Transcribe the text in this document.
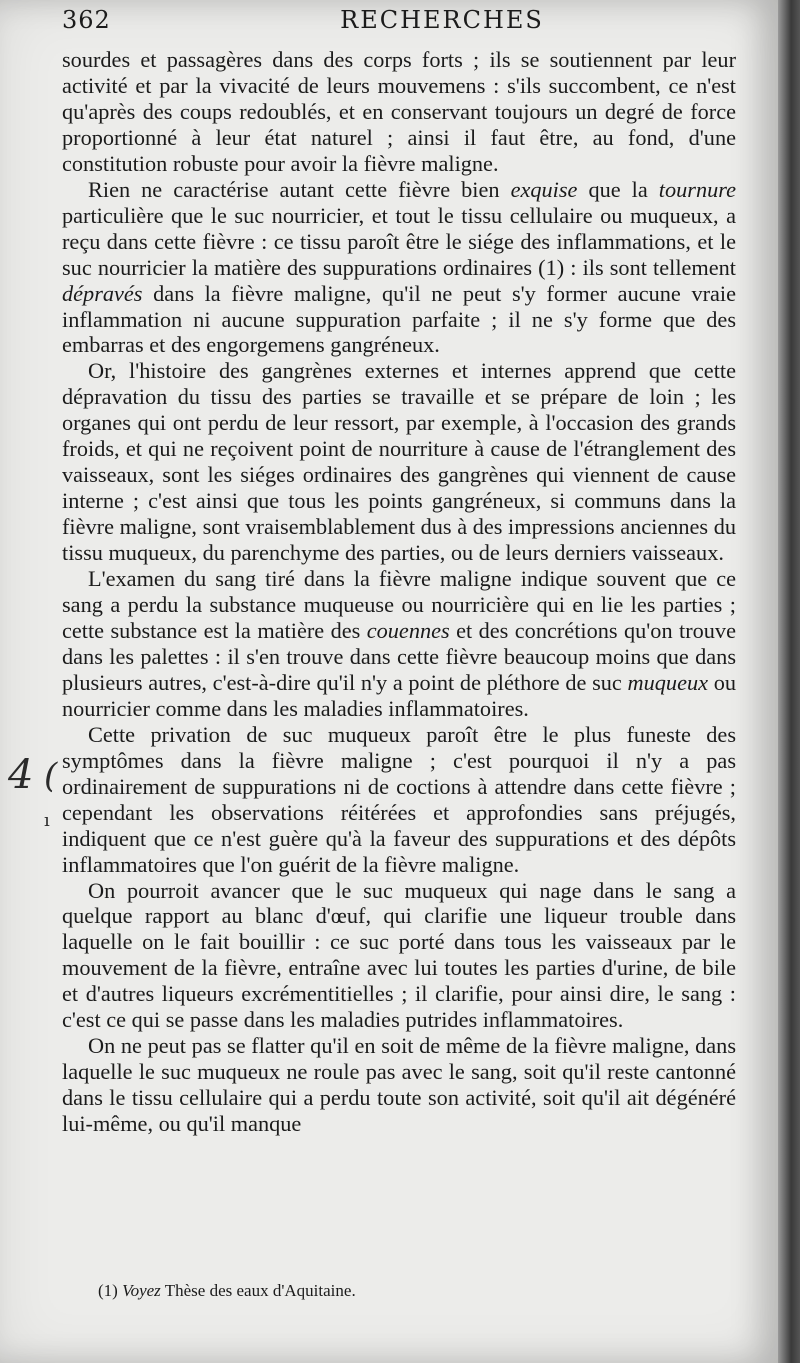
362	RECHERCHES

sourdes et passagères dans des corps forts ; ils se soutiennent par leur activité et par la vivacité de leurs mouvemens : s'ils succombent, ce n'est qu'après des coups redoublés, et en conservant toujours un degré de force proportionné à leur état naturel ; ainsi il faut être, au fond, d'une constitution robuste pour avoir la fièvre maligne.

Rien ne caractérise autant cette fièvre bien exquise que la tournure particulière que le suc nourricier, et tout le tissu cellulaire ou muqueux, a reçu dans cette fièvre : ce tissu paroît être le siége des inflammations, et le suc nourricier la matière des suppurations ordinaires (1) : ils sont tellement dépravés dans la fièvre maligne, qu'il ne peut s'y former aucune vraie inflammation ni aucune suppuration parfaite ; il ne s'y forme que des embarras et des engorgemens gangréneux.

Or, l'histoire des gangrènes externes et internes apprend que cette dépravation du tissu des parties se travaille et se prépare de loin ; les organes qui ont perdu de leur ressort, par exemple, à l'occasion des grands froids, et qui ne reçoivent point de nourriture à cause de l'étranglement des vaisseaux, sont les siéges ordinaires des gangrènes qui viennent de cause interne ; c'est ainsi que tous les points gangréneux, si communs dans la fièvre maligne, sont vraisemblablement dus à des impressions anciennes du tissu muqueux, du parenchyme des parties, ou de leurs derniers vaisseaux.

L'examen du sang tiré dans la fièvre maligne indique souvent que ce sang a perdu la substance muqueuse ou nourricière qui en lie les parties ; cette substance est la matière des couennes et des concrétions qu'on trouve dans les palettes : il s'en trouve dans cette fièvre beaucoup moins que dans plusieurs autres, c'est-à-dire qu'il n'y a point de pléthore de suc muqueux ou nourricier comme dans les maladies inflammatoires.

Cette privation de suc muqueux paroît être le plus funeste des symptômes dans la fièvre maligne ; c'est pourquoi il n'y a pas ordinairement de suppurations ni de coctions à attendre dans cette fièvre ; cependant les observations réitérées et approfondies sans préjugés, indiquent que ce n'est guère qu'à la faveur des suppurations et des dépôts inflammatoires que l'on guérit de la fièvre maligne.

On pourroit avancer que le suc muqueux qui nage dans le sang a quelque rapport au blanc d'œuf, qui clarifie une liqueur trouble dans laquelle on le fait bouillir : ce suc porté dans tous les vaisseaux par le mouvement de la fièvre, entraîne avec lui toutes les parties d'urine, de bile et d'autres liqueurs excrémentitielles ; il clarifie, pour ainsi dire, le sang : c'est ce qui se passe dans les maladies putrides inflammatoires.

On ne peut pas se flatter qu'il en soit de même de la fièvre maligne, dans laquelle le suc muqueux ne roule pas avec le sang, soit qu'il reste cantonné dans le tissu cellulaire qui a perdu toute son activité, soit qu'il ait dégénéré lui-même, ou qu'il manque

(1) Voyez Thèse des eaux d'Aquitaine.
4 (
ı
